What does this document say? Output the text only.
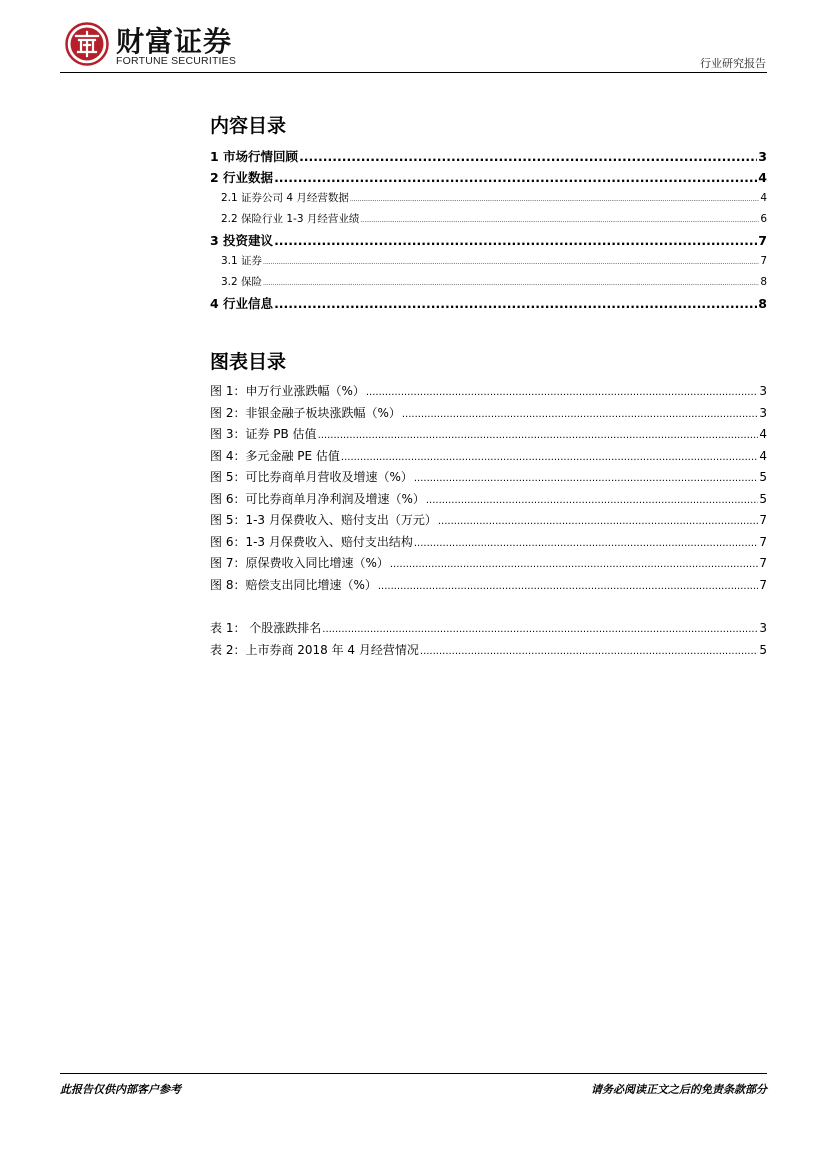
财富证券
FORTUNE SECURITIES	行业研究报告
内容目录
1 市场行情回顾 .....	3
2 行业数据 .....	4
2.1 证券公司 4 月经营数据 .....	4
2.2 保险行业 1-3 月经营业绩 .....	6
3 投资建议 .....	7
3.1 证券 .....	7
3.2 保险 .....	8
4 行业信息 .....	8
图表目录
图 1：申万行业涨跌幅（%） .....	3
图 2：非银金融子板块涨跌幅（%） .....	3
图 3：证券 PB 估值 .....	4
图 4：多元金融 PE 估值 .....	4
图 5：可比券商单月营收及增速（%） .....	5
图 6：可比券商单月净利润及增速（%） .....	5
图 5：1-3 月保费收入、赔付支出（万元） .....	7
图 6：1-3 月保费收入、赔付支出结构 .....	7
图 7：原保费收入同比增速（%） .....	7
图 8：赔偿支出同比增速（%） .....	7
表 1： 个股涨跌排名 .....	3
表 2：上市券商 2018 年 4 月经营情况 .....	5
此报告仅供内部客户参考	请务必阅读正文之后的免责条款部分
